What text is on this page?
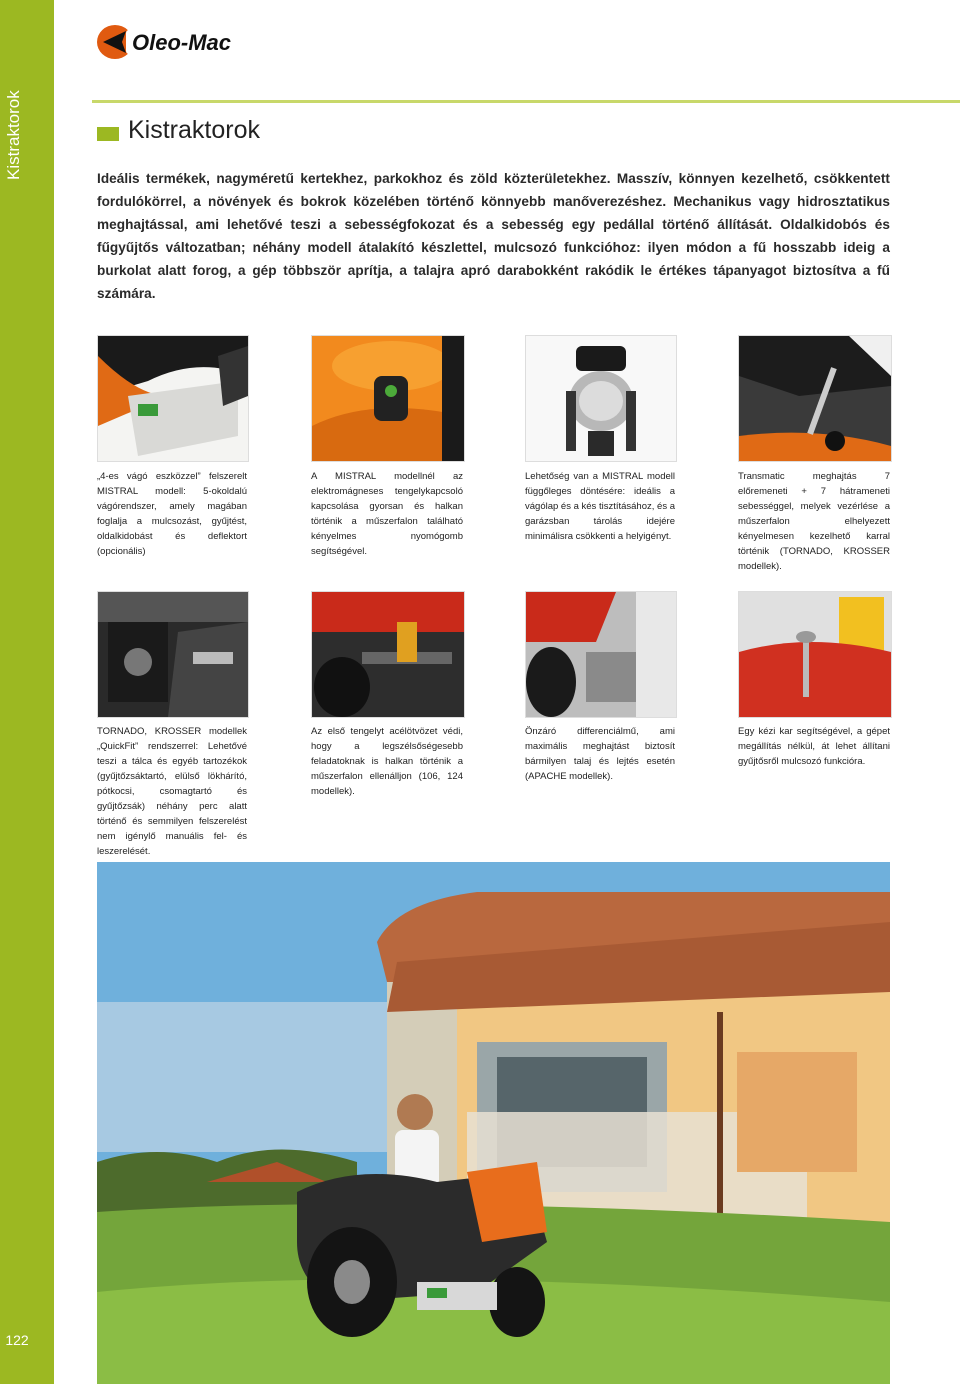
Kistraktorok
122
Oleo-Mac
Kistraktorok
Ideális termékek, nagyméretű kertekhez, parkokhoz és zöld közterületekhez. Masszív, könnyen kezelhető, csökkentett fordulókörrel, a növények és bokrok közelében történő könnyebb manőverezéshez. Mechanikus vagy hidrosztatikus meghajtással, ami lehetővé teszi a sebességfokozat és a sebesség egy pedállal történő állítását. Oldalkidobós és fűgyűjtős változatban; néhány modell átalakító készlettel, mulcsozó funkcióhoz: ilyen módon a fű hosszabb ideig a burkolat alatt forog, a gép többször aprítja, a talajra apró darabokként rakódik le értékes tápanyagot biztosítva a fű számára.
„4-es vágó eszközzel” felszerelt MISTRAL modell: 5-okoldalú vágórendszer, amely magában foglalja a mulcsozást, gyűjtést, oldalkidobást és deflektort (opcionális)
A MISTRAL modellnél az elektromágneses tengelykapcsoló kapcsolása gyorsan és halkan történik a műszerfalon található kényelmes nyomógomb segítségével.
Lehetőség van a MISTRAL modell függőleges döntésére: ideális a vágólap és a kés tisztításához, és a garázsban tárolás idejére minimálisra csökkenti a helyigényt.
Transmatic meghajtás 7 előremeneti + 7 hátrameneti sebességgel, melyek vezérlése a műszerfalon elhelyezett kényelmesen kezelhető karral történik (TORNADO, KROSSER modellek).
TORNADO, KROSSER modellek „QuickFit” rendszerrel: Lehetővé teszi a tálca és egyéb tartozékok (gyűjtőzsáktartó, elülső lökhárító, pótkocsi, csomagtartó és gyűjtőzsák) néhány perc alatt történő és semmilyen felszerelést nem igénylő manuális fel- és leszerelését.
Az első tengelyt acélötvözet védi, hogy a legszélsőségesebb feladatoknak is halkan történik a műszerfalon ellenálljon (106, 124 modellek).
Önzáró differenciálmű, ami maximális meghajtást biztosít bármilyen talaj és lejtés esetén (APACHE modellek).
Egy kézi kar segítségével, a gépet megállítás nélkül, át lehet állítani gyűjtősről mulcsozó funkcióra.
